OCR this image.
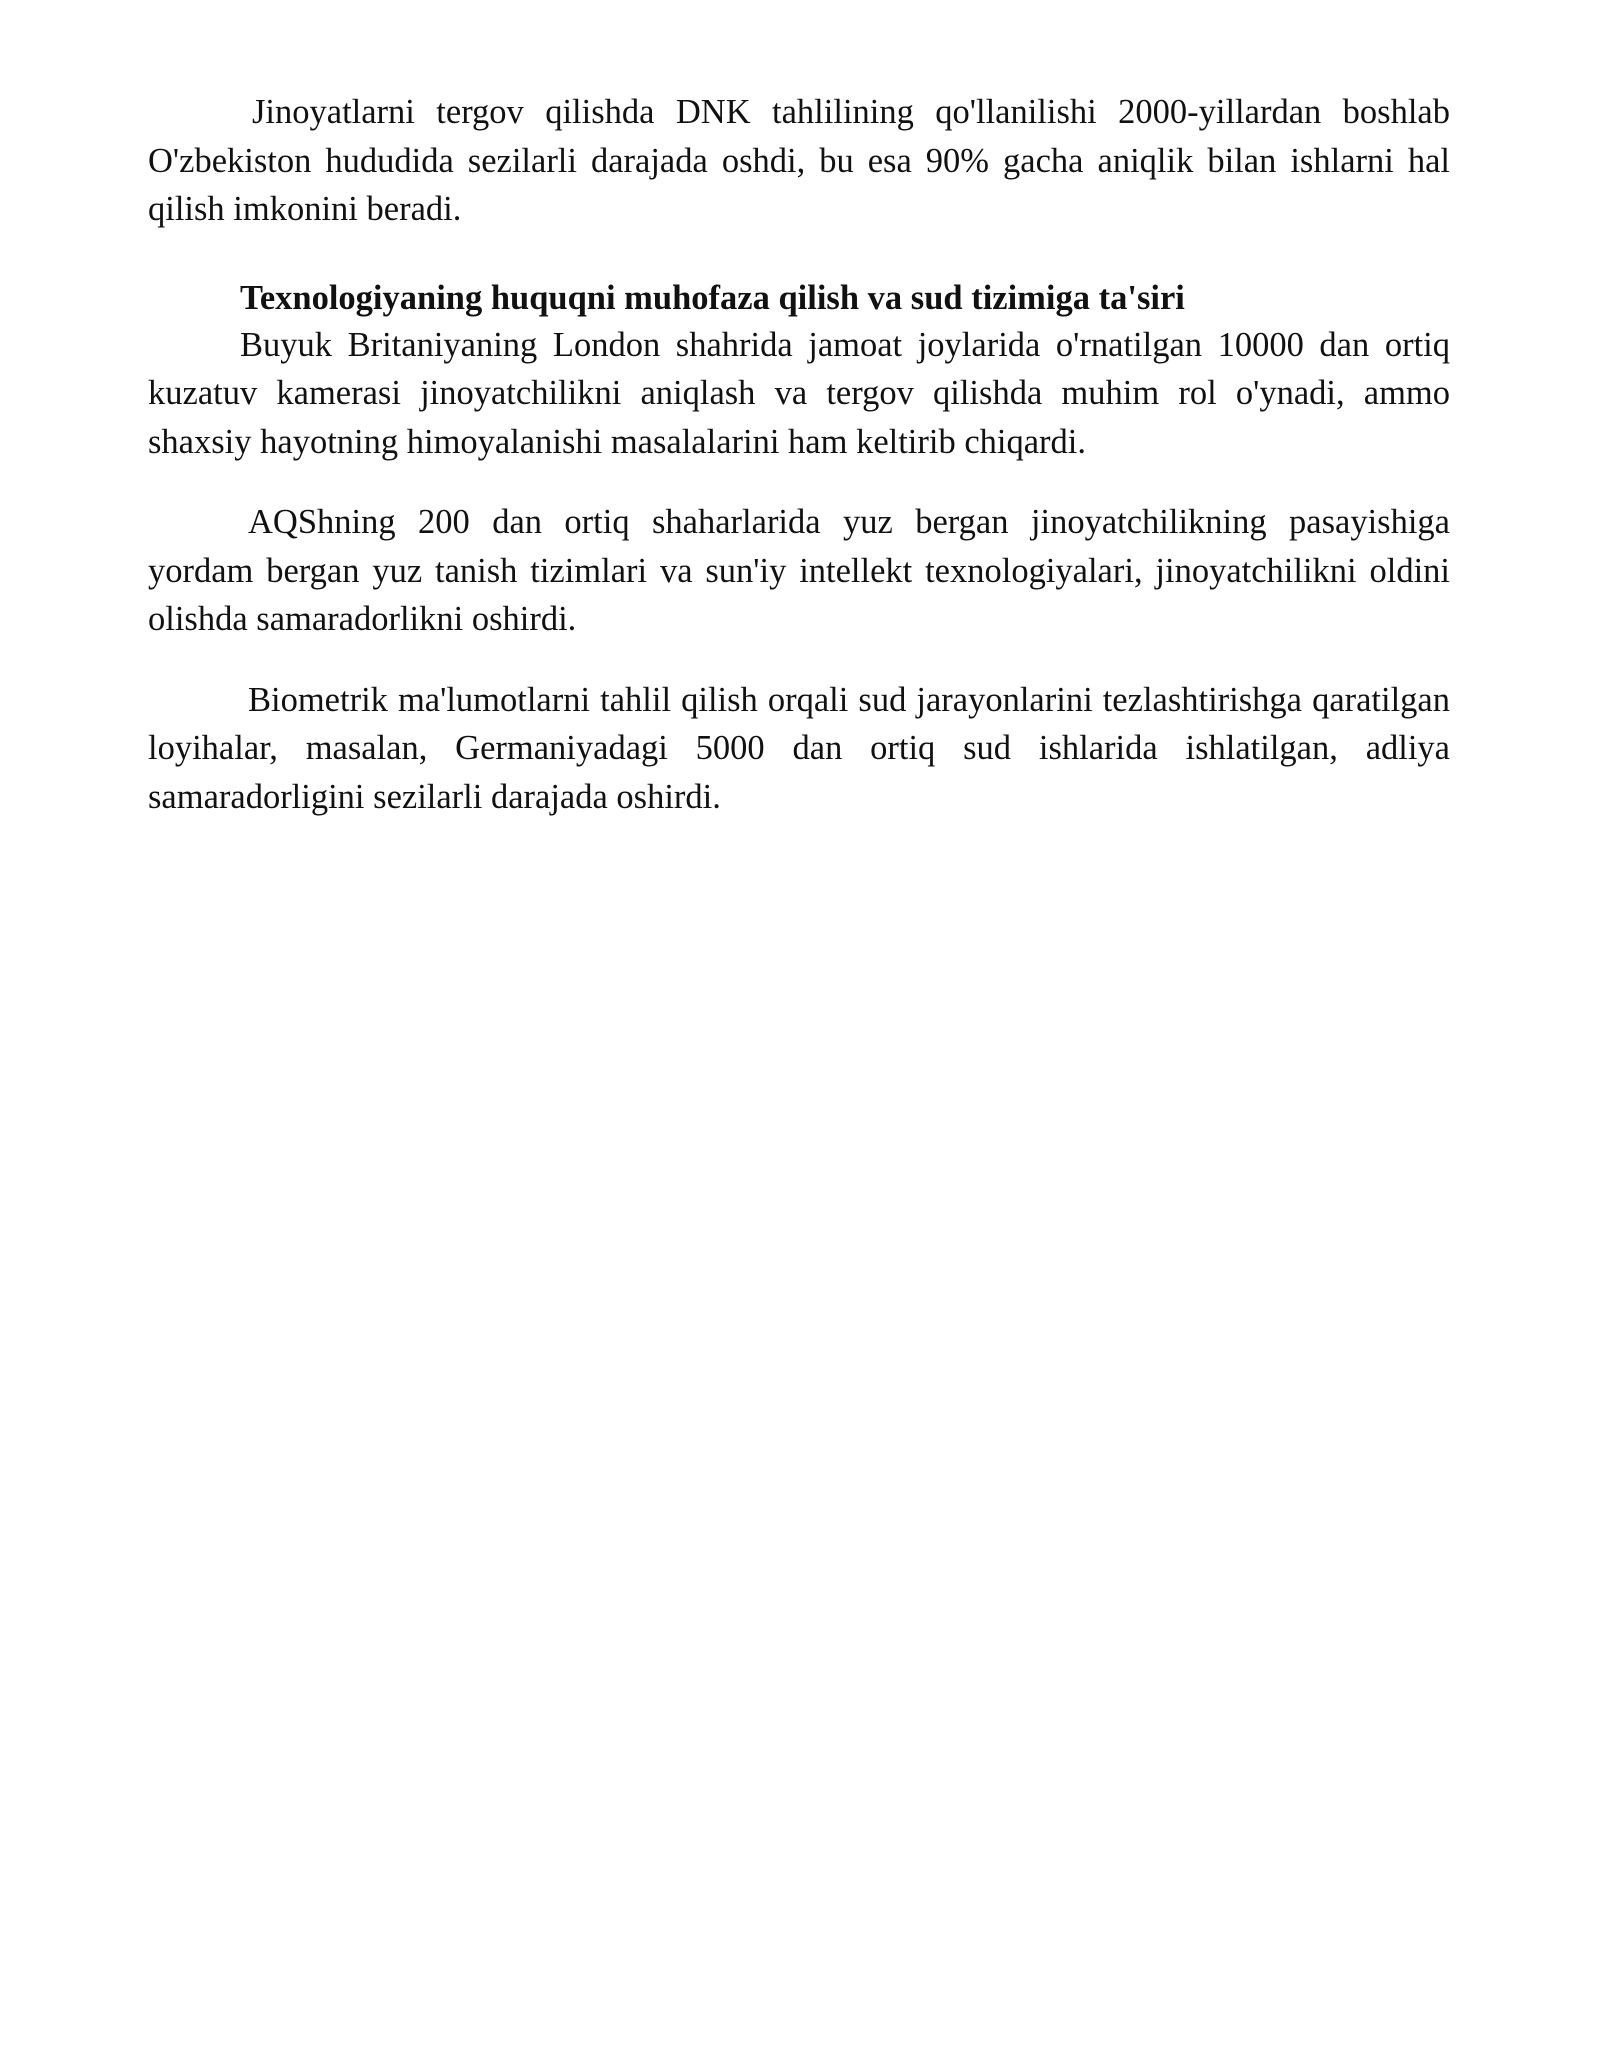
Jinoyatlarni tergov qilishda DNK tahlilining qo'llanilishi 2000-yillardan boshlab O'zbekiston hududida sezilarli darajada oshdi, bu esa 90% gacha aniqlik bilan ishlarni hal qilish imkonini beradi.

Texnologiyaning huquqni muhofaza qilish va sud tizimiga ta'siri

Buyuk Britaniyaning London shahrida jamoat joylarida o'rnatilgan 10000 dan ortiq kuzatuv kamerasi jinoyatchilikni aniqlash va tergov qilishda muhim rol o'ynadi, ammo shaxsiy hayotning himoyalanishi masalalarini ham keltirib chiqardi.

AQShning 200 dan ortiq shaharlarida yuz bergan jinoyatchilikning pasayishiga yordam bergan yuz tanish tizimlari va sun'iy intellekt texnologiyalari, jinoyatchilikni oldini olishda samaradorlikni oshirdi.

Biometrik ma'lumotlarni tahlil qilish orqali sud jarayonlarini tezlashtirishga qaratilgan loyihalar, masalan, Germaniyadagi 5000 dan ortiq sud ishlarida ishlatilgan, adliya samaradorligini sezilarli darajada oshirdi.
